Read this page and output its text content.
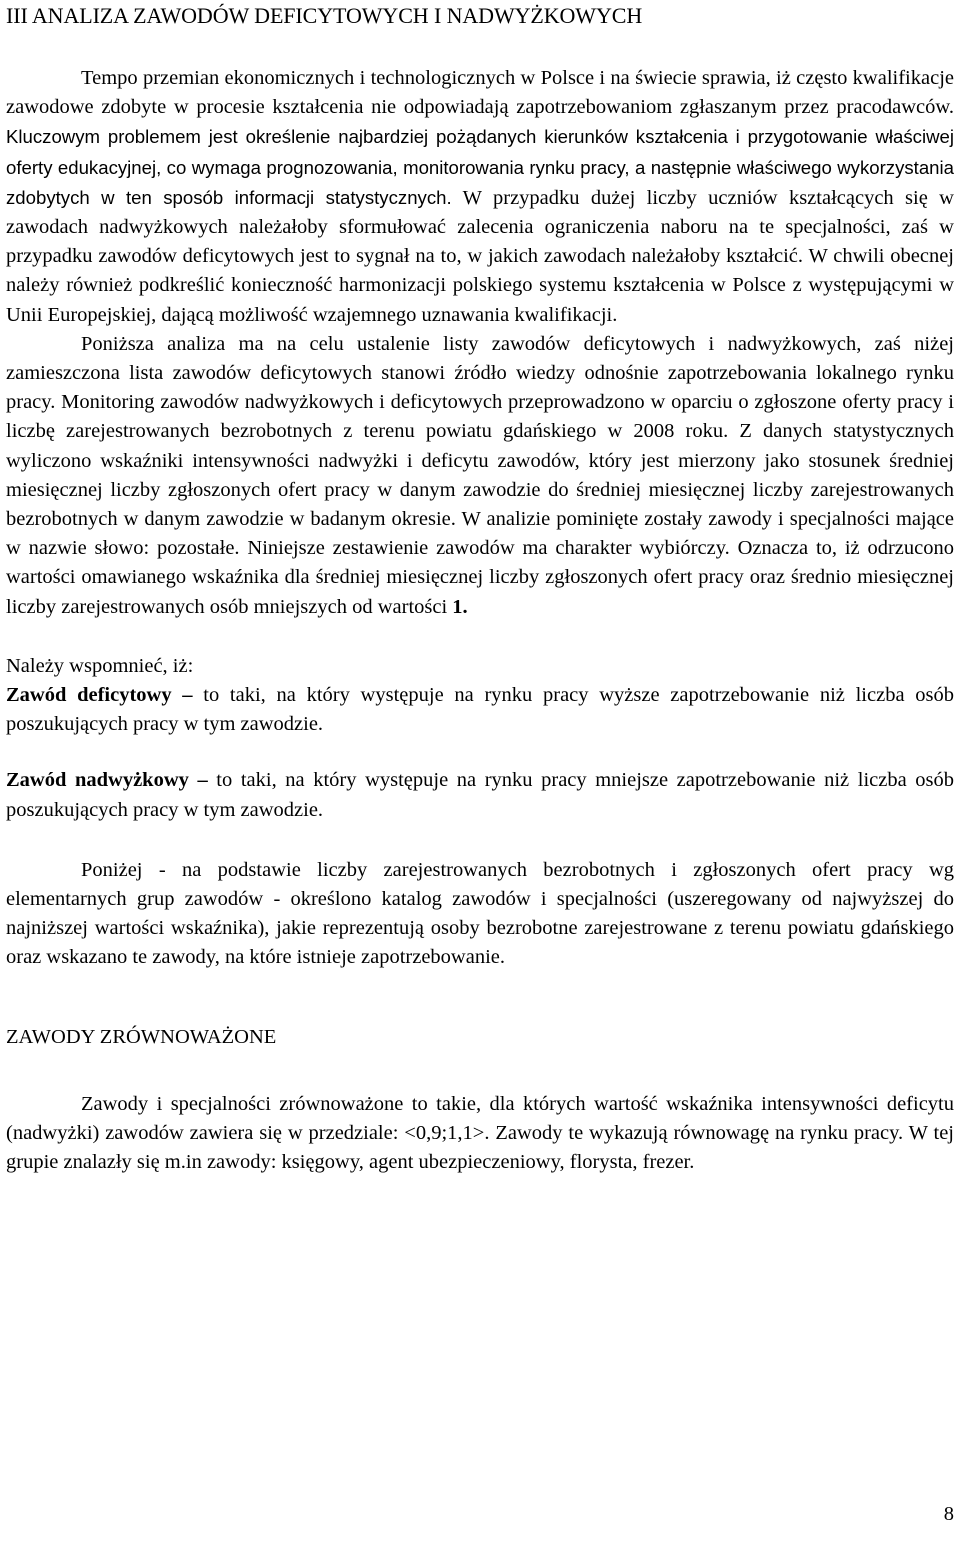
III ANALIZA ZAWODÓW DEFICYTOWYCH I NADWYŻKOWYCH

Tempo przemian ekonomicznych i technologicznych w Polsce i na świecie sprawia, iż często kwalifikacje zawodowe zdobyte w procesie kształcenia nie odpowiadają zapotrzebowaniom zgłaszanym przez pracodawców. Kluczowym problemem jest określenie najbardziej pożądanych kierunków kształcenia i przygotowanie właściwej oferty edukacyjnej, co wymaga prognozowania, monitorowania rynku pracy, a następnie właściwego wykorzystania zdobytych w ten sposób informacji statystycznych. W przypadku dużej liczby uczniów kształcących się w zawodach nadwyżkowych należałoby sformułować zalecenia ograniczenia naboru na te specjalności, zaś w przypadku zawodów deficytowych jest to sygnał na to, w jakich zawodach należałoby kształcić. W chwili obecnej należy również podkreślić konieczność harmonizacji polskiego systemu kształcenia w Polsce z występującymi w Unii Europejskiej, dającą możliwość wzajemnego uznawania kwalifikacji.

Poniższa analiza ma na celu ustalenie listy zawodów deficytowych i nadwyżkowych, zaś niżej zamieszczona lista zawodów deficytowych stanowi źródło wiedzy odnośnie zapotrzebowania lokalnego rynku pracy. Monitoring zawodów nadwyżkowych i deficytowych przeprowadzono w oparciu o zgłoszone oferty pracy i liczbę zarejestrowanych bezrobotnych z terenu powiatu gdańskiego w 2008 roku. Z danych statystycznych wyliczono wskaźniki intensywności nadwyżki i deficytu zawodów, który jest mierzony jako stosunek średniej miesięcznej liczby zgłoszonych ofert pracy w danym zawodzie do średniej miesięcznej liczby zarejestrowanych bezrobotnych w danym zawodzie w badanym okresie. W analizie pominięte zostały zawody i specjalności mające w nazwie słowo: pozostałe. Niniejsze zestawienie zawodów ma charakter wybiórczy. Oznacza to, iż odrzucono wartości omawianego wskaźnika dla średniej miesięcznej liczby zgłoszonych ofert pracy oraz średnio miesięcznej liczby zarejestrowanych osób mniejszych od wartości 1.

Należy wspomnieć, iż:

Zawód deficytowy – to taki, na który występuje na rynku pracy wyższe zapotrzebowanie niż liczba osób poszukujących pracy w tym zawodzie.

Zawód nadwyżkowy – to taki, na który występuje na rynku pracy mniejsze zapotrzebowanie niż liczba osób poszukujących pracy w tym zawodzie.

Poniżej - na podstawie liczby zarejestrowanych bezrobotnych i zgłoszonych ofert pracy wg elementarnych grup zawodów - określono katalog zawodów i specjalności (uszeregowany od najwyższej do najniższej wartości wskaźnika), jakie reprezentują osoby bezrobotne zarejestrowane z terenu powiatu gdańskiego oraz wskazano te zawody, na które istnieje zapotrzebowanie.

ZAWODY ZRÓWNOWAŻONE

Zawody i specjalności zrównoważone to takie, dla których wartość wskaźnika intensywności deficytu (nadwyżki) zawodów zawiera się w przedziale: <0,9;1,1>. Zawody te wykazują równowagę na rynku pracy. W tej grupie znalazły się m.in zawody: księgowy, agent ubezpieczeniowy, florysta, frezer.

8
